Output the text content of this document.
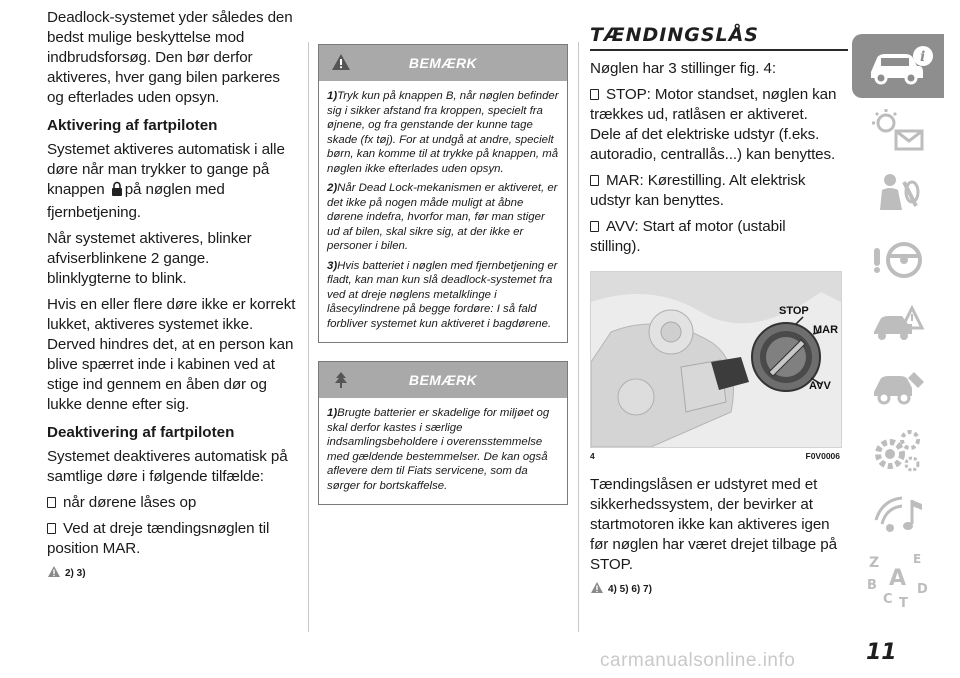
Deadlock-systemet yder således den bedst mulige beskyttelse mod indbrudsforsøg. Den bør derfor aktiveres, hver gang bilen parkeres og efterlades uden opsyn.

Aktivering af fartpiloten

Systemet aktiveres automatisk i alle døre når man trykker to gange på knappen på nøglen med fjernbetjening.

Når systemet aktiveres, blinker afviserblinkene 2 gange. blinklygterne to blink.

Hvis en eller flere døre ikke er korrekt lukket, aktiveres systemet ikke. Derved hindres det, at en person kan blive spærret inde i kabinen ved at stige ind gennem en åben dør og lukke denne efter sig.

Deaktivering af fartpiloten

Systemet deaktiveres automatisk på samtlige døre i følgende tilfælde:

når dørene låses op

Ved at dreje tændingsnøglen til position MAR.

2) 3)
BEMÆRK

1)Tryk kun på knappen B, når nøglen befinder sig i sikker afstand fra kroppen, specielt fra øjnene, og fra genstande der kunne tage skade (fx tøj). For at undgå at andre, specielt børn, kan komme til at trykke på knappen, må nøglen ikke efterlades uden opsyn.

2)Når Dead Lock-mekanismen er aktiveret, er det ikke på nogen måde muligt at åbne dørene indefra, hvorfor man, før man stiger ud af bilen, skal sikre sig, at der ikke er personer i bilen.

3)Hvis batteriet i nøglen med fjernbetjening er fladt, kan man kun slå deadlock-systemet fra ved at dreje nøglens metalklinge i låsecylindrene på begge fordøre: I så fald forbliver systemet kun aktiveret i bagdørene.

BEMÆRK

1)Brugte batterier er skadelige for miljøet og skal derfor kastes i særlige indsamlingsbeholdere i overensstemmelse med gældende bestemmelser. De kan også aflevere dem til Fiats servicene, som da sørger for bortskaffelse.

TÆNDINGSLÅS

Nøglen har 3 stillinger fig. 4:

STOP: Motor standset, nøglen kan trækkes ud, ratlåsen er aktiveret. Dele af det elektriske udstyr (f.eks. autoradio, centrallås...) kan benyttes.

MAR: Kørestilling. Alt elektrisk udstyr kan benyttes.

AVV: Start af motor (ustabil stilling).

STOP
MAR
AVV
4	F0V0006

Tændingslåsen er udstyret med et sikkerhedssystem, der bevirker at startmotoren ikke kan aktiveres igen før nøglen har været drejet tilbage på STOP.

4) 5) 6) 7)
i
Z	E
B A
C
D
T
11
carmanualsonline.info
